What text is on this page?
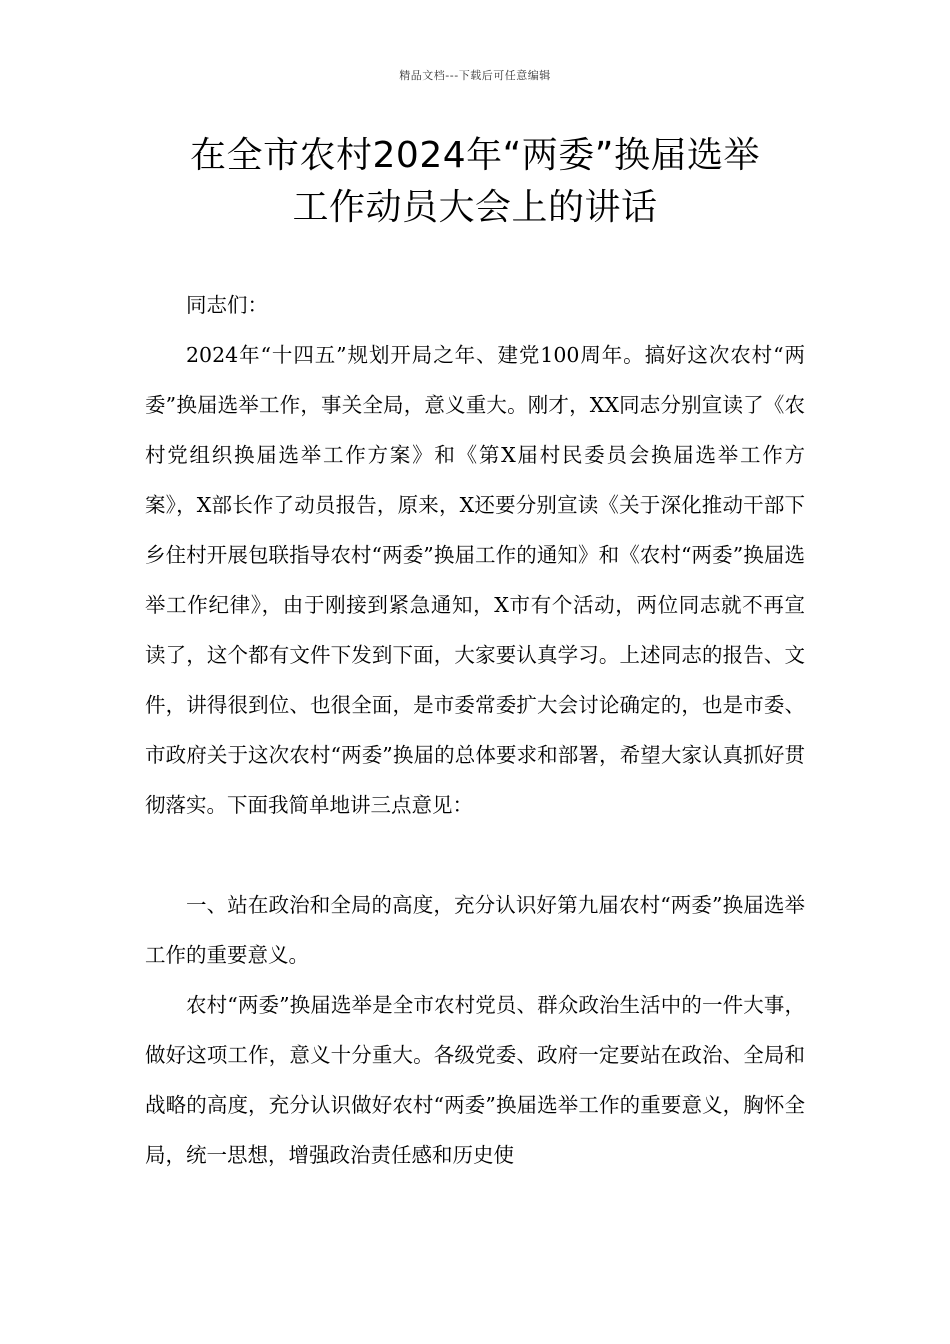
精品文档---下载后可任意编辑
在全市农村2024年“两委”换届选举
工作动员大会上的讲话

同志们：

2024年“十四五”规划开局之年、建党100周年。搞好这次农村“两委”换届选举工作，事关全局，意义重大。刚才，XX同志分别宣读了《农村党组织换届选举工作方案》和《第X届村民委员会换届选举工作方案》，X部长作了动员报告，原来，X还要分别宣读《关于深化推动干部下乡住村开展包联指导农村“两委”换届工作的通知》和《农村“两委”换届选举工作纪律》，由于刚接到紧急通知，X市有个活动，两位同志就不再宣读了，这个都有文件下发到下面，大家要认真学习。上述同志的报告、文件，讲得很到位、也很全面，是市委常委扩大会讨论确定的，也是市委、市政府关于这次农村“两委”换届的总体要求和部署，希望大家认真抓好贯彻落实。下面我简单地讲三点意见：

一、站在政治和全局的高度，充分认识好第九届农村“两委”换届选举工作的重要意义。

农村“两委”换届选举是全市农村党员、群众政治生活中的一件大事，做好这项工作，意义十分重大。各级党委、政府一定要站在政治、全局和战略的高度，充分认识做好农村“两委”换届选举工作的重要意义，胸怀全局，统一思想，增强政治责任感和历史使
